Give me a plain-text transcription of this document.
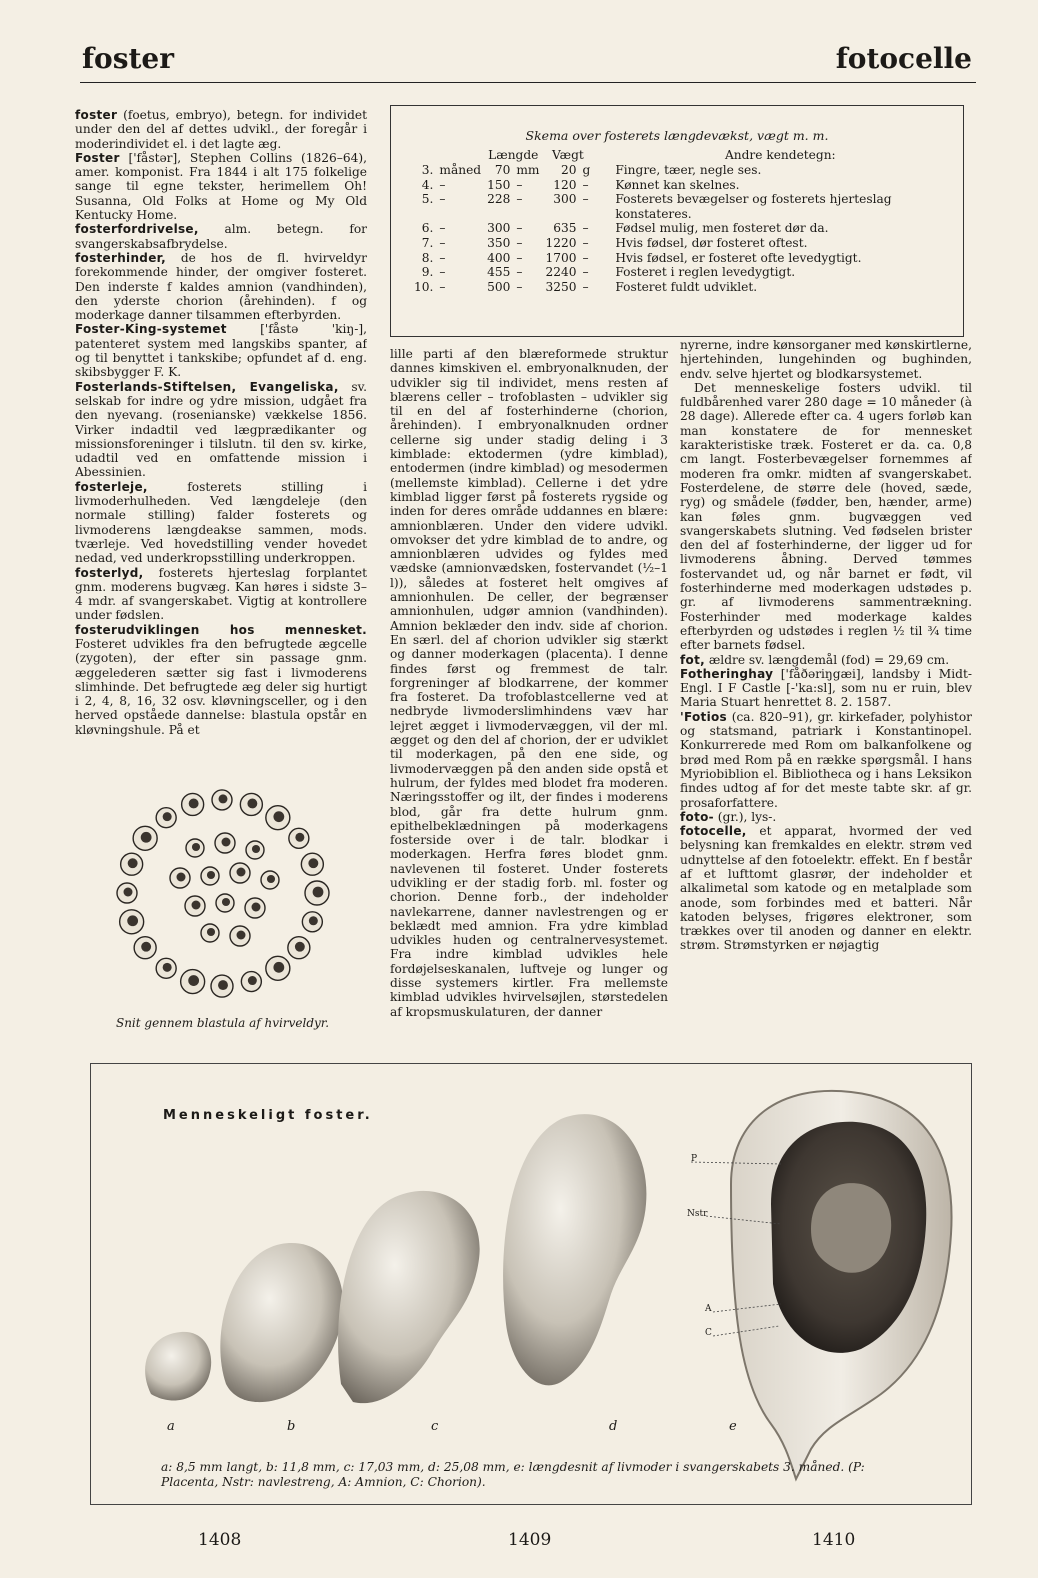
foster	fotocelle

foster (foetus, embryo), betegn. for individet under den del af dettes udvikl., der foregår i moderindividet el. i det lagte æg.

Foster ['fåstər], Stephen Collins (1826–64), amer. komponist. Fra 1844 i alt 175 folkelige sange til egne tekster, herimellem Oh! Susanna, Old Folks at Home og My Old Kentucky Home.

fosterfordrivelse, alm. betegn. for svangerskabsafbrydelse.

fosterhinder, de hos de fl. hvirveldyr forekommende hinder, der omgiver fosteret. Den inderste f kaldes amnion (vandhinden), den yderste chorion (årehinden). f og moderkage danner tilsammen efterbyrden.

Foster-King-systemet ['fåstə 'kiŋ-], patenteret system med langskibs spanter, af og til benyttet i tankskibe; opfundet af d. eng. skibsbygger F. K.

Fosterlands-Stiftelsen, Evangeliska, sv. selskab for indre og ydre mission, udgået fra den nyevang. (rosenianske) vækkelse 1856. Virker indadtil ved lægprædikanter og missionsforeninger i tilslutn. til den sv. kirke, udadtil ved en omfattende mission i Abessinien.

fosterleje, fosterets stilling i livmoderhulheden. Ved længdeleje (den normale stilling) falder fosterets og livmoderens længdeakse sammen, mods. tværleje. Ved hovedstilling vender hovedet nedad, ved underkropsstilling underkroppen.

fosterlyd, fosterets hjerteslag forplantet gnm. moderens bugvæg. Kan høres i sidste 3–4 mdr. af svangerskabet. Vigtig at kontrollere under fødslen.

fosterudviklingen hos mennesket. Fosteret udvikles fra den befrugtede ægcelle (zygoten), der efter sin passage gnm. æggelederen sætter sig fast i livmoderens slimhinde. Det befrugtede æg deler sig hurtigt i 2, 4, 8, 16, 32 osv. kløvningsceller, og i den herved opståede dannelse: blastula opstår en kløvningshule. På et

Snit gennem blastula af hvirveldyr.
Skema over fosterets længdevækst, vægt m. m.
		Længde		Vægt		Andre kendetegn:
3.	måned	70	mm	20	g	Fingre, tæer, negle ses.
4.	–	150	–	120	–	Kønnet kan skelnes.
5.	–	228	–	300	–	Fosterets bevægelser og fosterets hjerteslag konstateres.
6.	–	300	–	635	–	Fødsel mulig, men fosteret dør da.
7.	–	350	–	1220	–	Hvis fødsel, dør fosteret oftest.
8.	–	400	–	1700	–	Hvis fødsel, er fosteret ofte levedygtigt.
9.	–	455	–	2240	–	Fosteret i reglen levedygtigt.
10.	–	500	–	3250	–	Fosteret fuldt udviklet.

lille parti af den blæreformede struktur dannes kimskiven el. embryonalknuden, der udvikler sig til individet, mens resten af blærens celler – trofoblasten – udvikler sig til en del af fosterhinderne (chorion, årehinden). I embryonalknuden ordner cellerne sig under stadig deling i 3 kimblade: ektodermen (ydre kimblad), entodermen (indre kimblad) og mesodermen (mellemste kimblad). Cellerne i det ydre kimblad ligger først på fosterets rygside og inden for deres område uddannes en blære: amnionblæren. Under den videre udvikl. omvokser det ydre kimblad de to andre, og amnionblæren udvides og fyldes med vædske (amnionvædsken, fostervandet (½–1 l)), således at fosteret helt omgives af amnionhulen. De celler, der begrænser amnionhulen, udgør amnion (vandhinden). Amnion beklæder den indv. side af chorion. En særl. del af chorion udvikler sig stærkt og danner moderkagen (placenta). I denne findes først og fremmest de talr. forgreninger af blodkarrene, der kommer fra fosteret. Da trofoblastcellerne ved at nedbryde livmoderslimhindens væv har lejret ægget i livmodervæggen, vil der ml. ægget og den del af chorion, der er udviklet til moderkagen, på den ene side, og livmodervæggen på den anden side opstå et hulrum, der fyldes med blodet fra moderen. Næringsstoffer og ilt, der findes i moderens blod, går fra dette hulrum gnm. epithelbeklædningen på moderkagens fosterside over i de talr. blodkar i moderkagen. Herfra føres blodet gnm. navlevenen til fosteret. Under fosterets udvikling er der stadig forb. ml. foster og chorion. Denne forb., der indeholder navlekarrene, danner navlestrengen og er beklædt med amnion. Fra ydre kimblad udvikles huden og centralnervesystemet. Fra indre kimblad udvikles hele fordøjelseskanalen, luftveje og lunger og disse systemers kirtler. Fra mellemste kimblad udvikles hvirvelsøjlen, størstedelen af kropsmuskulaturen, der danner

nyrerne, indre kønsorganer med kønskirtlerne, hjertehinden, lungehinden og bughinden, endv. selve hjertet og blodkarsystemet.

Det menneskelige fosters udvikl. til fuldbårenhed varer 280 dage = 10 måneder (à 28 dage). Allerede efter ca. 4 ugers forløb kan man konstatere de for mennesket karakteristiske træk. Fosteret er da. ca. 0,8 cm langt. Fosterbevægelser fornemmes af moderen fra omkr. midten af svangerskabet. Fosterdelene, de større dele (hoved, sæde, ryg) og smådele (fødder, ben, hænder, arme) kan føles gnm. bugvæggen ved svangerskabets slutning. Ved fødselen brister den del af fosterhinderne, der ligger ud for livmoderens åbning. Derved tømmes fostervandet ud, og når barnet er født, vil fosterhinderne med moderkagen udstødes p. gr. af livmoderens sammentrækning. Fosterhinder med moderkage kaldes efterbyrden og udstødes i reglen ½ til ¾ time efter barnets fødsel.

fot, ældre sv. længdemål (fod) = 29,69 cm.

Fotheringhay ['fåðəriŋgæi], landsby i Midt-Engl. I F Castle [-'ka:sl], som nu er ruin, blev Maria Stuart henrettet 8. 2. 1587.

'Fotios (ca. 820–91), gr. kirkefader, polyhistor og statsmand, patriark i Konstantinopel. Konkurrerede med Rom om balkanfolkene og brød med Rom på en række spørgsmål. I hans Myriobiblion el. Bibliotheca og i hans Leksikon findes udtog af for det meste tabte skr. af gr. prosaforfattere.

foto- (gr.), lys-.

fotocelle, et apparat, hvormed der ved belysning kan fremkaldes en elektr. strøm ved udnyttelse af den fotoelektr. effekt. En f består af et lufttomt glasrør, der indeholder et alkalimetal som katode og en metalplade som anode, som forbindes med et batteri. Når katoden belyses, frigøres elektroner, som trækkes over til anoden og danner en elektr. strøm. Strømstyrken er nøjagtig

Menneskeligt foster.
a	b	c	d	e
P
Nstr
A
C
a: 8,5 mm langt, b: 11,8 mm, c: 17,03 mm, d: 25,08 mm, e: længdesnit af livmoder i svangerskabets 3. måned. (P: Placenta, Nstr: navlestreng, A: Amnion, C: Chorion).
1408	1409	1410
